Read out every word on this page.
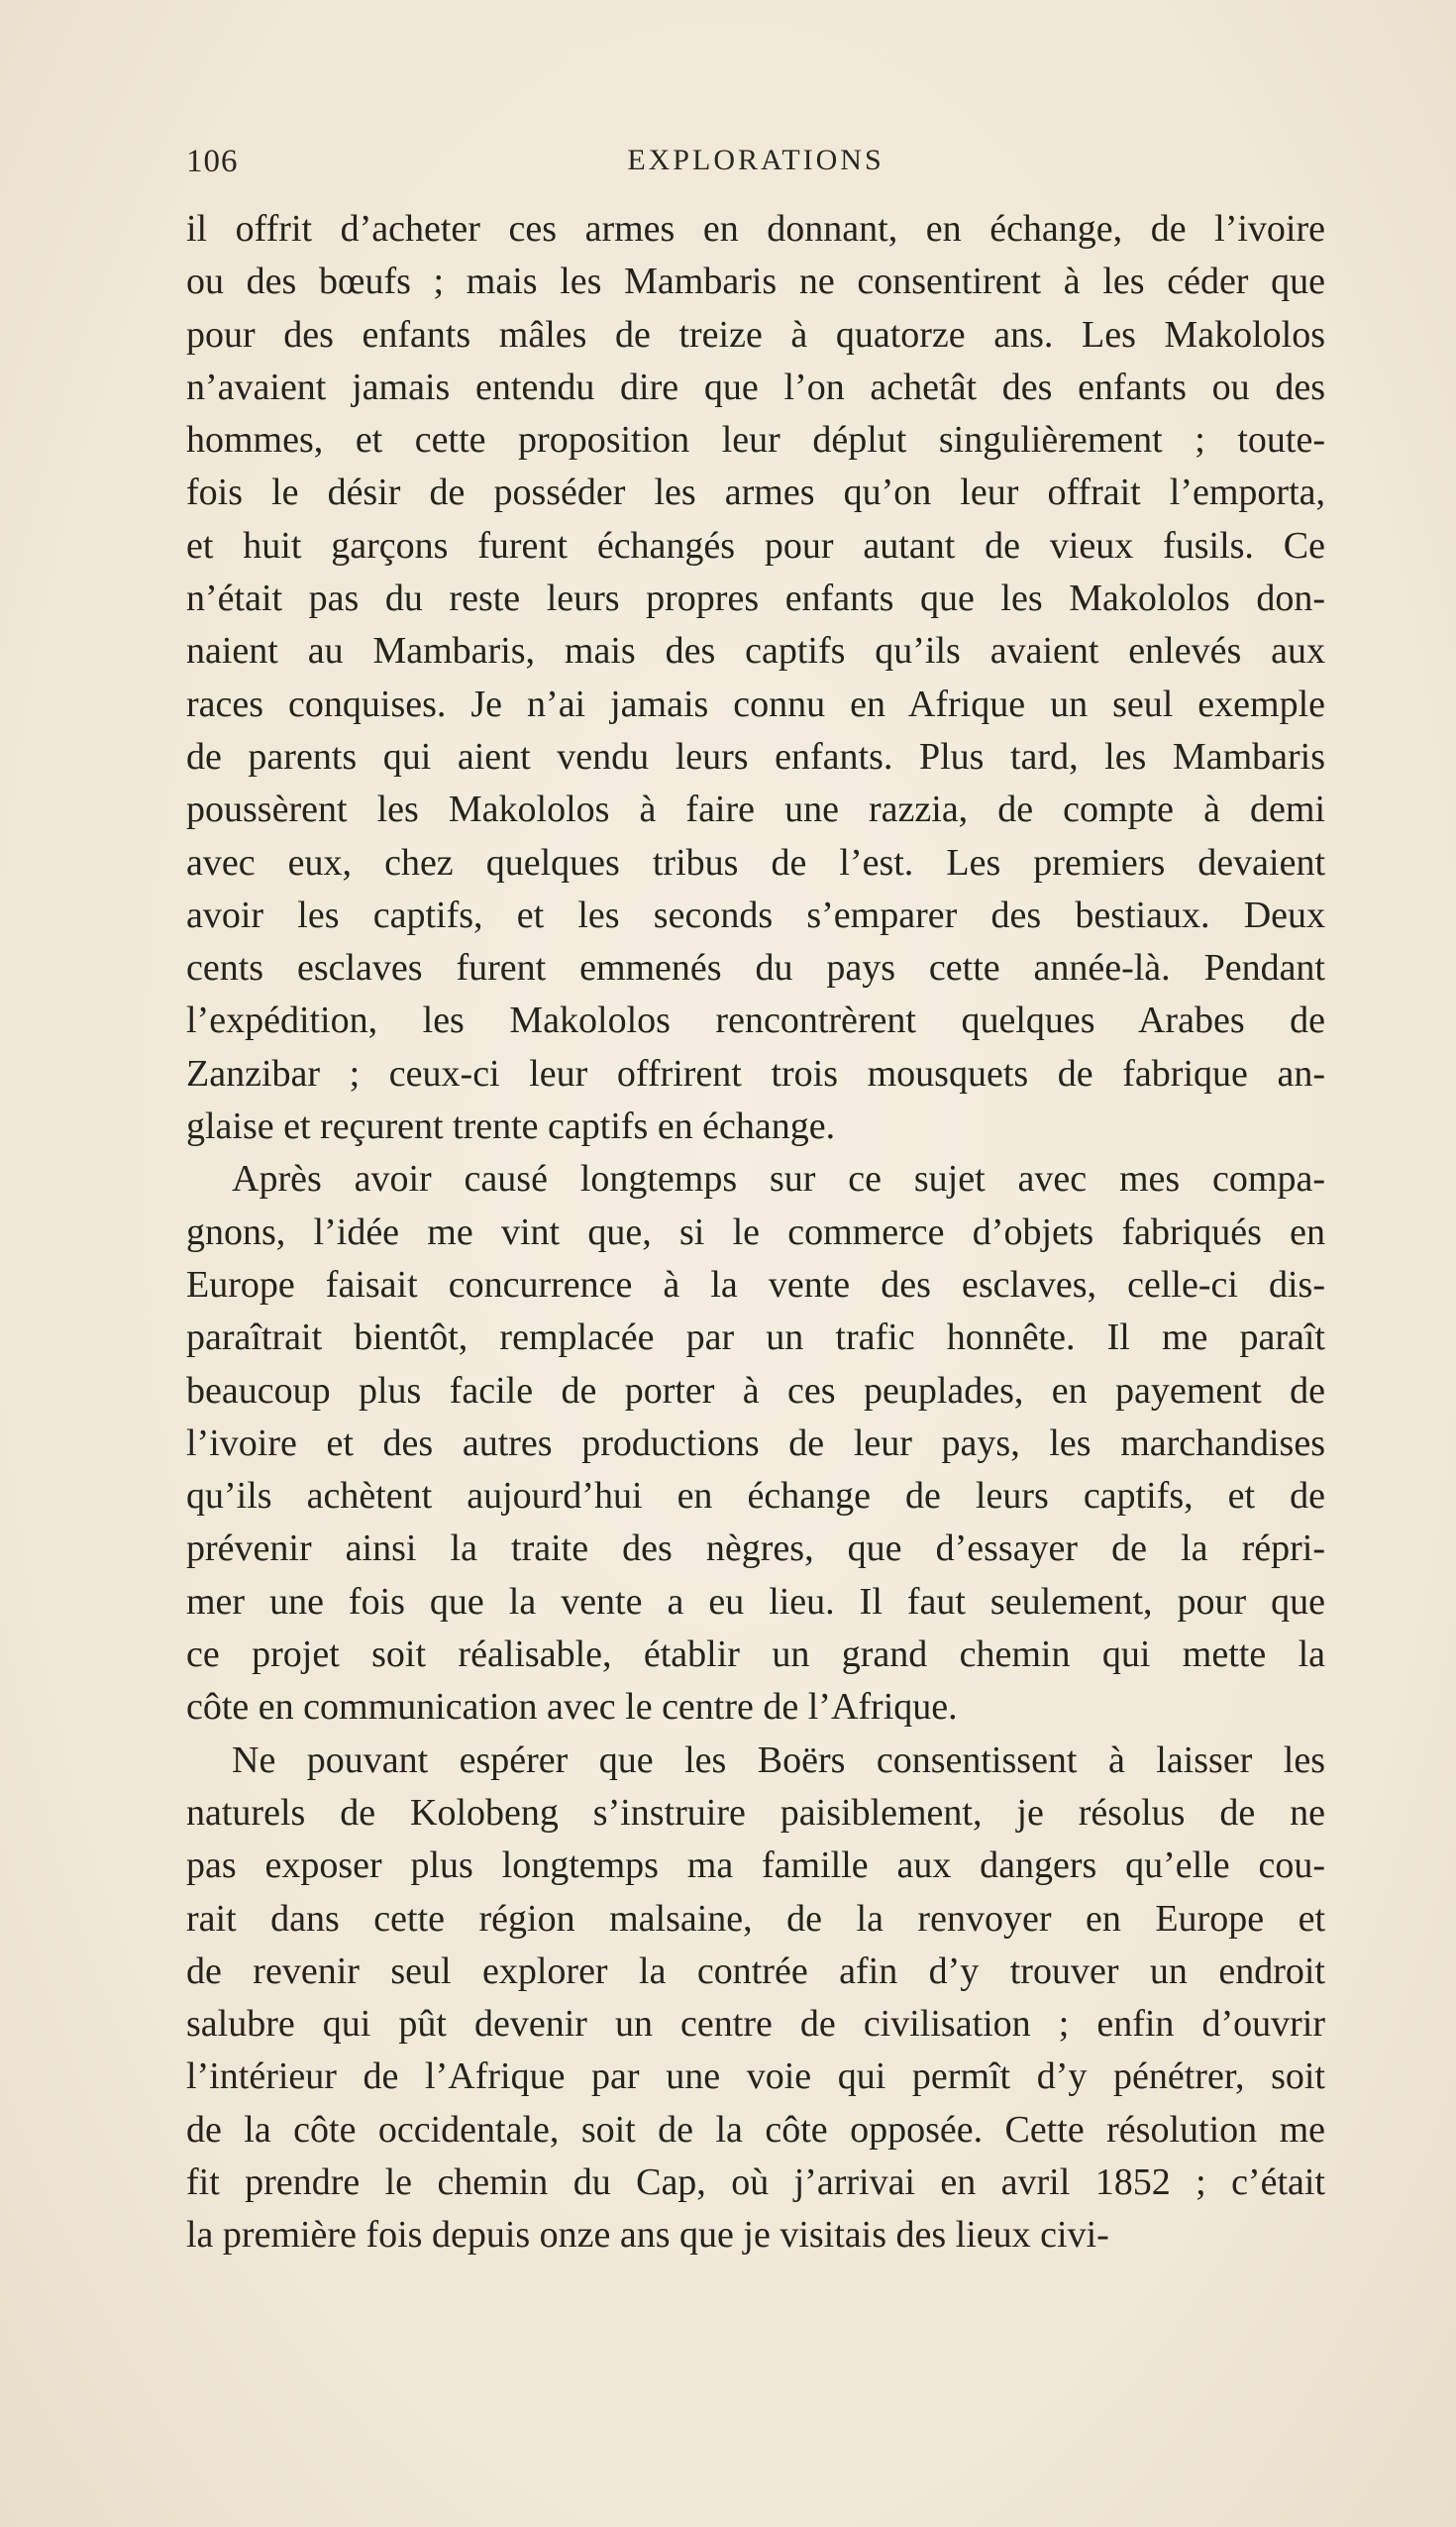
106	EXPLORATIONS
il offrit d’acheter ces armes en donnant, en échange, de l’ivoire
ou des bœufs ; mais les Mambaris ne consentirent à les céder que
pour des enfants mâles de treize à quatorze ans. Les Makololos
n’avaient jamais entendu dire que l’on achetât des enfants ou des
hommes, et cette proposition leur déplut singulièrement ; toute-
fois le désir de posséder les armes qu’on leur offrait l’emporta,
et huit garçons furent échangés pour autant de vieux fusils. Ce
n’était pas du reste leurs propres enfants que les Makololos don-
naient au Mambaris, mais des captifs qu’ils avaient enlevés aux
races conquises. Je n’ai jamais connu en Afrique un seul exemple
de parents qui aient vendu leurs enfants. Plus tard, les Mambaris
poussèrent les Makololos à faire une razzia, de compte à demi
avec eux, chez quelques tribus de l’est. Les premiers devaient
avoir les captifs, et les seconds s’emparer des bestiaux. Deux
cents esclaves furent emmenés du pays cette année-là. Pendant
l’expédition, les Makololos rencontrèrent quelques Arabes de
Zanzibar ; ceux-ci leur offrirent trois mousquets de fabrique an-
glaise et reçurent trente captifs en échange.
Après avoir causé longtemps sur ce sujet avec mes compa-
gnons, l’idée me vint que, si le commerce d’objets fabriqués en
Europe faisait concurrence à la vente des esclaves, celle-ci dis-
paraîtrait bientôt, remplacée par un trafic honnête. Il me paraît
beaucoup plus facile de porter à ces peuplades, en payement de
l’ivoire et des autres productions de leur pays, les marchandises
qu’ils achètent aujourd’hui en échange de leurs captifs, et de
prévenir ainsi la traite des nègres, que d’essayer de la répri-
mer une fois que la vente a eu lieu. Il faut seulement, pour que
ce projet soit réalisable, établir un grand chemin qui mette la
côte en communication avec le centre de l’Afrique.
Ne pouvant espérer que les Boërs consentissent à laisser les
naturels de Kolobeng s’instruire paisiblement, je résolus de ne
pas exposer plus longtemps ma famille aux dangers qu’elle cou-
rait dans cette région malsaine, de la renvoyer en Europe et
de revenir seul explorer la contrée afin d’y trouver un endroit
salubre qui pût devenir un centre de civilisation ; enfin d’ouvrir
l’intérieur de l’Afrique par une voie qui permît d’y pénétrer, soit
de la côte occidentale, soit de la côte opposée. Cette résolution me
fit prendre le chemin du Cap, où j’arrivai en avril 1852 ; c’était
la première fois depuis onze ans que je visitais des lieux civi-
